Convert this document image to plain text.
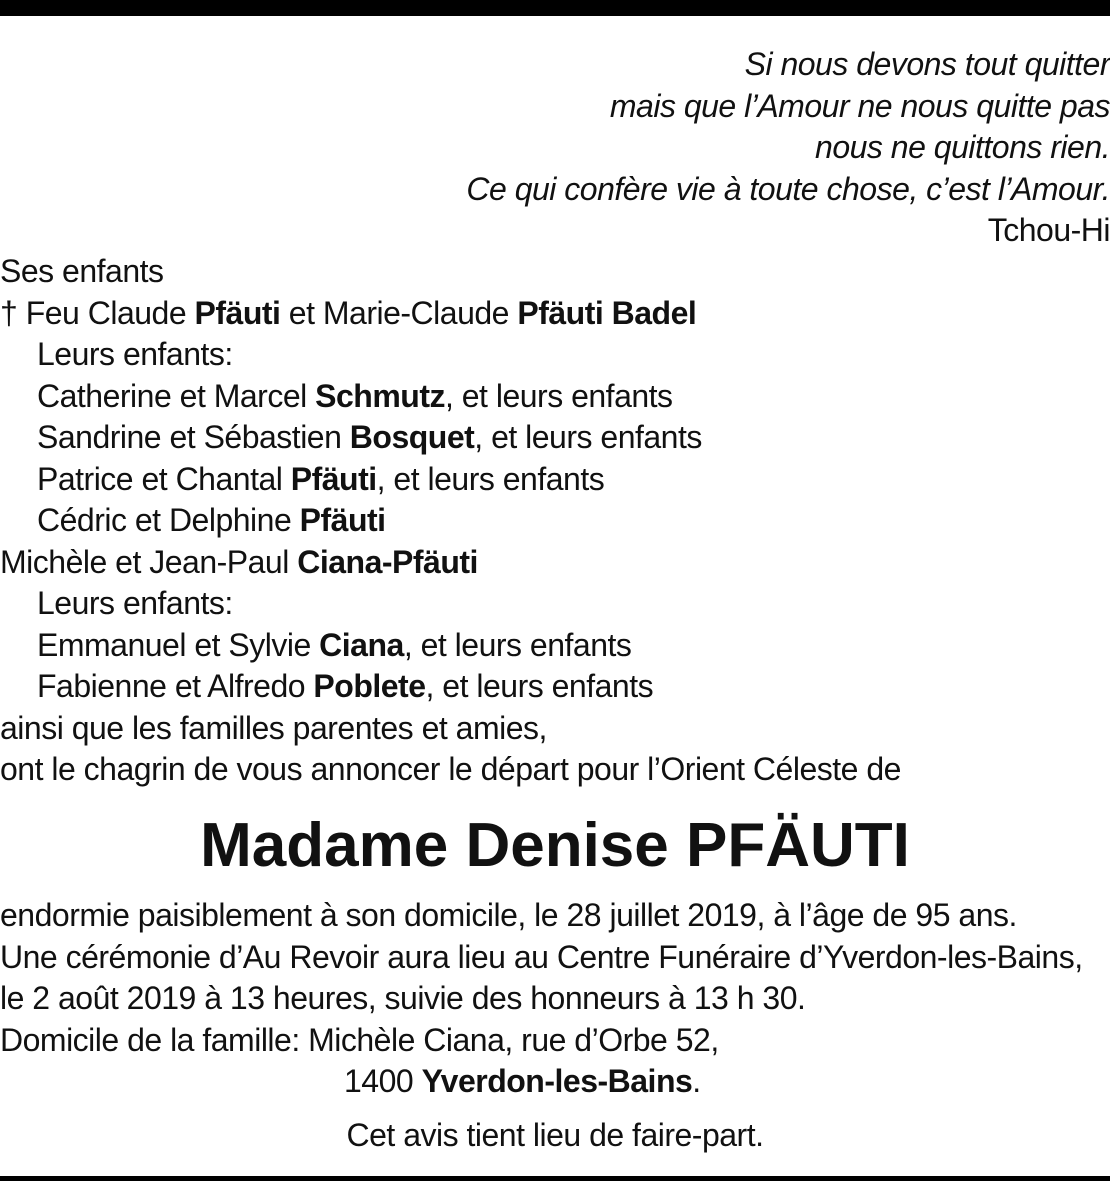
Si nous devons tout quitter
mais que l’Amour ne nous quitte pas
nous ne quittons rien.
Ce qui confère vie à toute chose, c’est l’Amour.
Tchou-Hi
Ses enfants
† Feu Claude Pfäuti et Marie-Claude Pfäuti Badel
Leurs enfants:
Catherine et Marcel Schmutz, et leurs enfants
Sandrine et Sébastien Bosquet, et leurs enfants
Patrice et Chantal Pfäuti, et leurs enfants
Cédric et Delphine Pfäuti
Michèle et Jean-Paul Ciana-Pfäuti
Leurs enfants:
Emmanuel et Sylvie Ciana, et leurs enfants
Fabienne et Alfredo Poblete, et leurs enfants
ainsi que les familles parentes et amies,
ont le chagrin de vous annoncer le départ pour l’Orient Céleste de
Madame Denise PFÄUTI
endormie paisiblement à son domicile, le 28 juillet 2019, à l’âge de 95 ans.
Une cérémonie d’Au Revoir aura lieu au Centre Funéraire d’Yverdon-les-Bains,
le 2 août 2019 à 13 heures, suivie des honneurs à 13 h 30.
Domicile de la famille: Michèle Ciana, rue d’Orbe 52,
1400 Yverdon-les-Bains.
Cet avis tient lieu de faire-part.
